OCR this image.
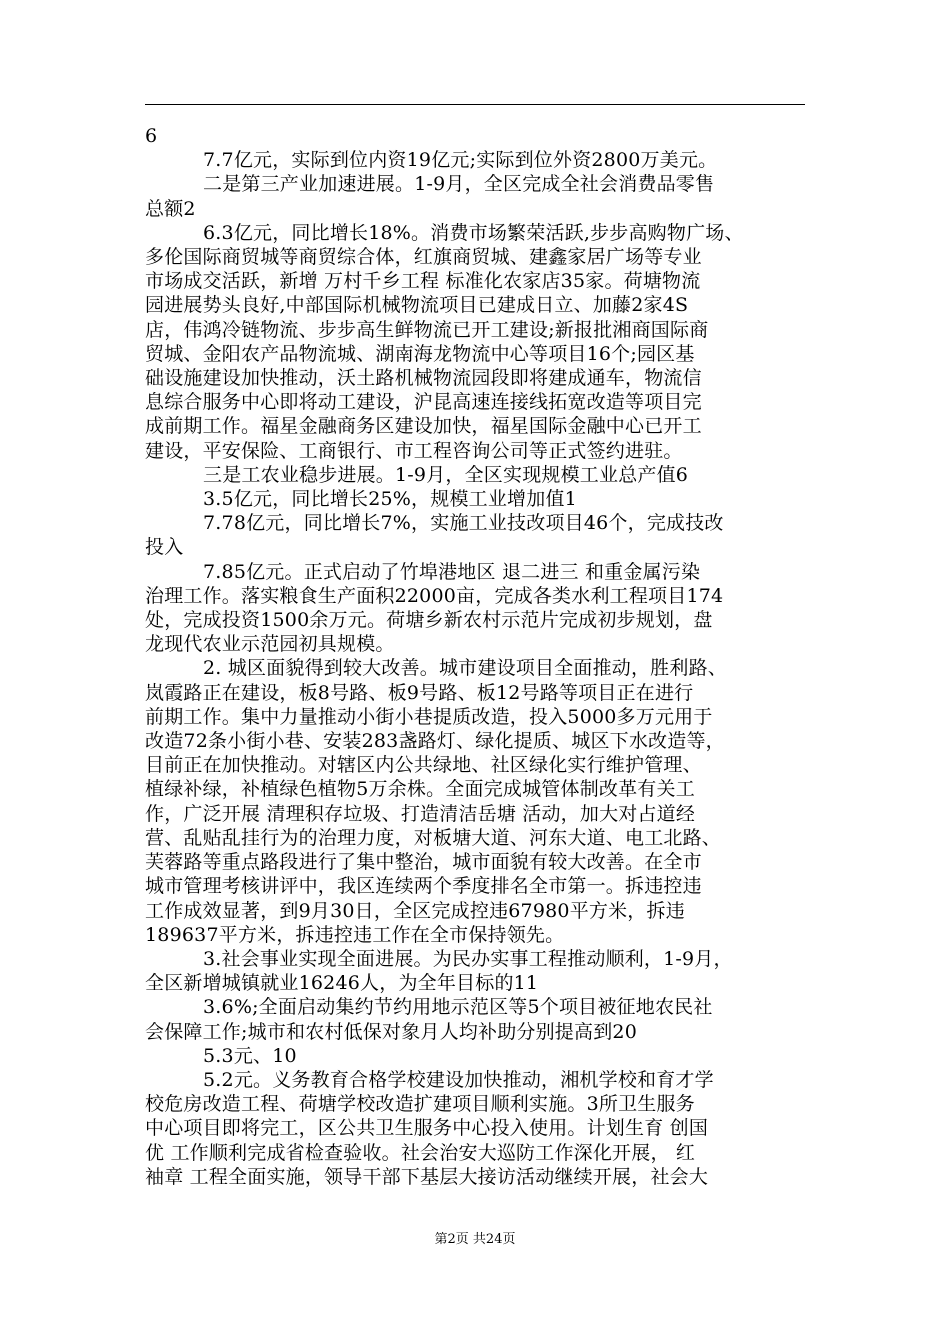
6
7.7亿元，实际到位内资19亿元;实际到位外资2800万美元。
二是第三产业加速进展。1-9月，全区完成全社会消费品零售
总额2
6.3亿元，同比增长18%。消费市场繁荣活跃,步步高购物广场、
多伦国际商贸城等商贸综合体，红旗商贸城、建鑫家居广场等专业
市场成交活跃，新增 万村千乡工程 标准化农家店35家。荷塘物流
园进展势头良好,中部国际机械物流项目已建成日立、加藤2家4S
店，伟鸿冷链物流、步步高生鲜物流已开工建设;新报批湘商国际商
贸城、金阳农产品物流城、湖南海龙物流中心等项目16个;园区基
础设施建设加快推动，沃土路机械物流园段即将建成通车，物流信
息综合服务中心即将动工建设，沪昆高速连接线拓宽改造等项目完
成前期工作。福星金融商务区建设加快，福星国际金融中心已开工
建设，平安保险、工商银行、市工程咨询公司等正式签约进驻。
三是工农业稳步进展。1-9月，全区实现规模工业总产值6
3.5亿元，同比增长25%，规模工业增加值1
7.78亿元，同比增长7%，实施工业技改项目46个，完成技改
投入
7.85亿元。正式启动了竹埠港地区 退二进三 和重金属污染
治理工作。落实粮食生产面积22000亩，完成各类水利工程项目174
处，完成投资1500余万元。荷塘乡新农村示范片完成初步规划，盘
龙现代农业示范园初具规模。
2. 城区面貌得到较大改善。城市建设项目全面推动，胜利路、
岚霞路正在建设，板8号路、板9号路、板12号路等项目正在进行
前期工作。集中力量推动小街小巷提质改造，投入5000多万元用于
改造72条小街小巷、安装283盏路灯、绿化提质、城区下水改造等，
目前正在加快推动。对辖区内公共绿地、社区绿化实行维护管理、
植绿补绿，补植绿色植物5万余株。全面完成城管体制改革有关工
作，广泛开展 清理积存垃圾、打造清洁岳塘 活动，加大对占道经
营、乱贴乱挂行为的治理力度，对板塘大道、河东大道、电工北路、
芙蓉路等重点路段进行了集中整治，城市面貌有较大改善。在全市
城市管理考核讲评中，我区连续两个季度排名全市第一。拆违控违
工作成效显著，到9月30日，全区完成控违67980平方米，拆违
189637平方米，拆违控违工作在全市保持领先。
3.社会事业实现全面进展。为民办实事工程推动顺利，1-9月，
全区新增城镇就业16246人，为全年目标的11
3.6%;全面启动集约节约用地示范区等5个项目被征地农民社
会保障工作;城市和农村低保对象月人均补助分别提高到20
5.3元、10
5.2元。义务教育合格学校建设加快推动，湘机学校和育才学
校危房改造工程、荷塘学校改造扩建项目顺利实施。3所卫生服务
中心项目即将完工，区公共卫生服务中心投入使用。计划生育 创国
优 工作顺利完成省检查验收。社会治安大巡防工作深化开展， 红
袖章 工程全面实施，领导干部下基层大接访活动继续开展，社会大
第2页 共24页
